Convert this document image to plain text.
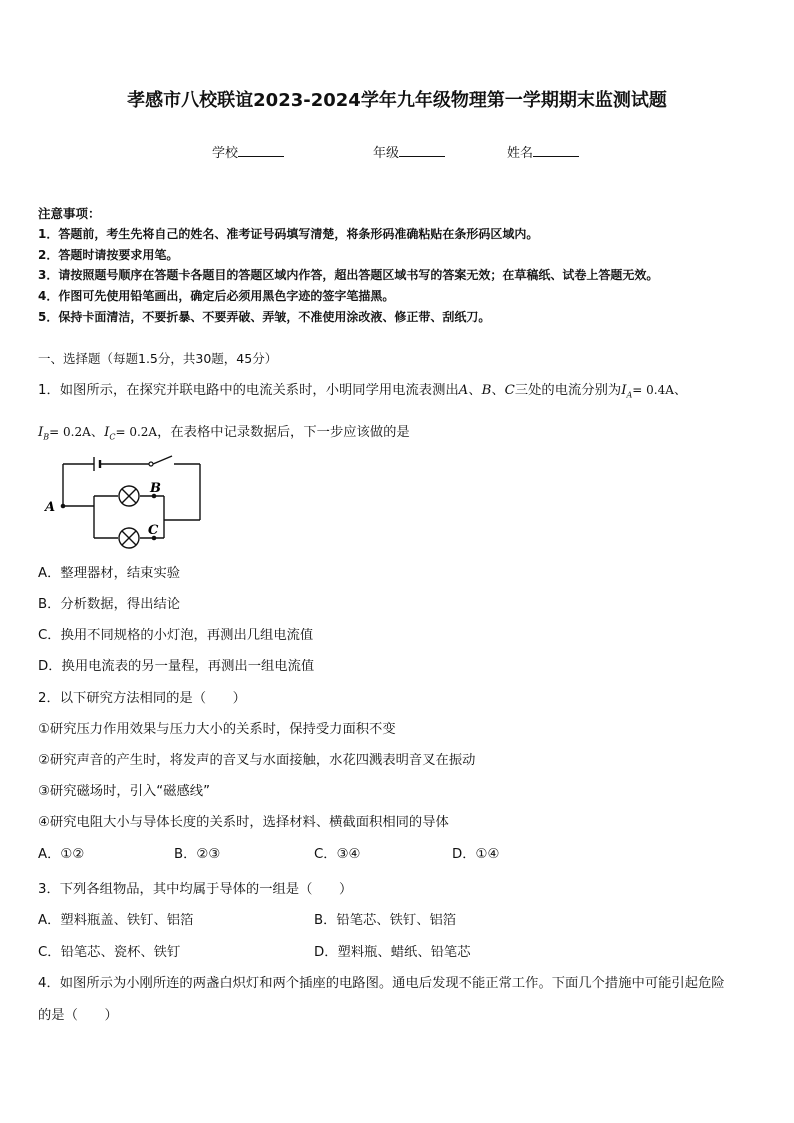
孝感市八校联谊2023-2024学年九年级物理第一学期期末监测试题
学校	年级	姓名
注意事项：
1．答题前，考生先将自己的姓名、准考证号码填写清楚，将条形码准确粘贴在条形码区域内。
2．答题时请按要求用笔。
3．请按照题号顺序在答题卡各题目的答题区域内作答，超出答题区域书写的答案无效；在草稿纸、试卷上答题无效。
4．作图可先使用铅笔画出，确定后必须用黑色字迹的签字笔描黑。
5．保持卡面清洁，不要折暴、不要弄破、弄皱，不准使用涂改液、修正带、刮纸刀。
一、选择题（每题1.5分，共30题，45分）
1．如图所示，在探究并联电路中的电流关系时，小明同学用电流表测出A、B、C三处的电流分别为$I_A= 0.4A$、
$I_B= 0.2A$、$I_C= 0.2A$，在表格中记录数据后，下一步应该做的是
A
B
C
A．整理器材，结束实验
B．分析数据，得出结论
C．换用不同规格的小灯泡，再测出几组电流值
D．换用电流表的另一量程，再测出一组电流值
2．以下研究方法相同的是（　　）
①研究压力作用效果与压力大小的关系时，保持受力面积不变
②研究声音的产生时，将发声的音叉与水面接触，水花四溅表明音叉在振动
③研究磁场时，引入“磁感线”
④研究电阻大小与导体长度的关系时，选择材料、横截面积相同的导体
A．①②	B．②③	C．③④	D．①④
3．下列各组物品，其中均属于导体的一组是（　　）
A．塑料瓶盖、铁钉、铝箔	B．铅笔芯、铁钉、铝箔
C．铅笔芯、瓷杯、铁钉	D．塑料瓶、蜡纸、铅笔芯
4．如图所示为小刚所连的两盏白炽灯和两个插座的电路图。通电后发现不能正常工作。下面几个措施中可能引起危险
的是（　　）
